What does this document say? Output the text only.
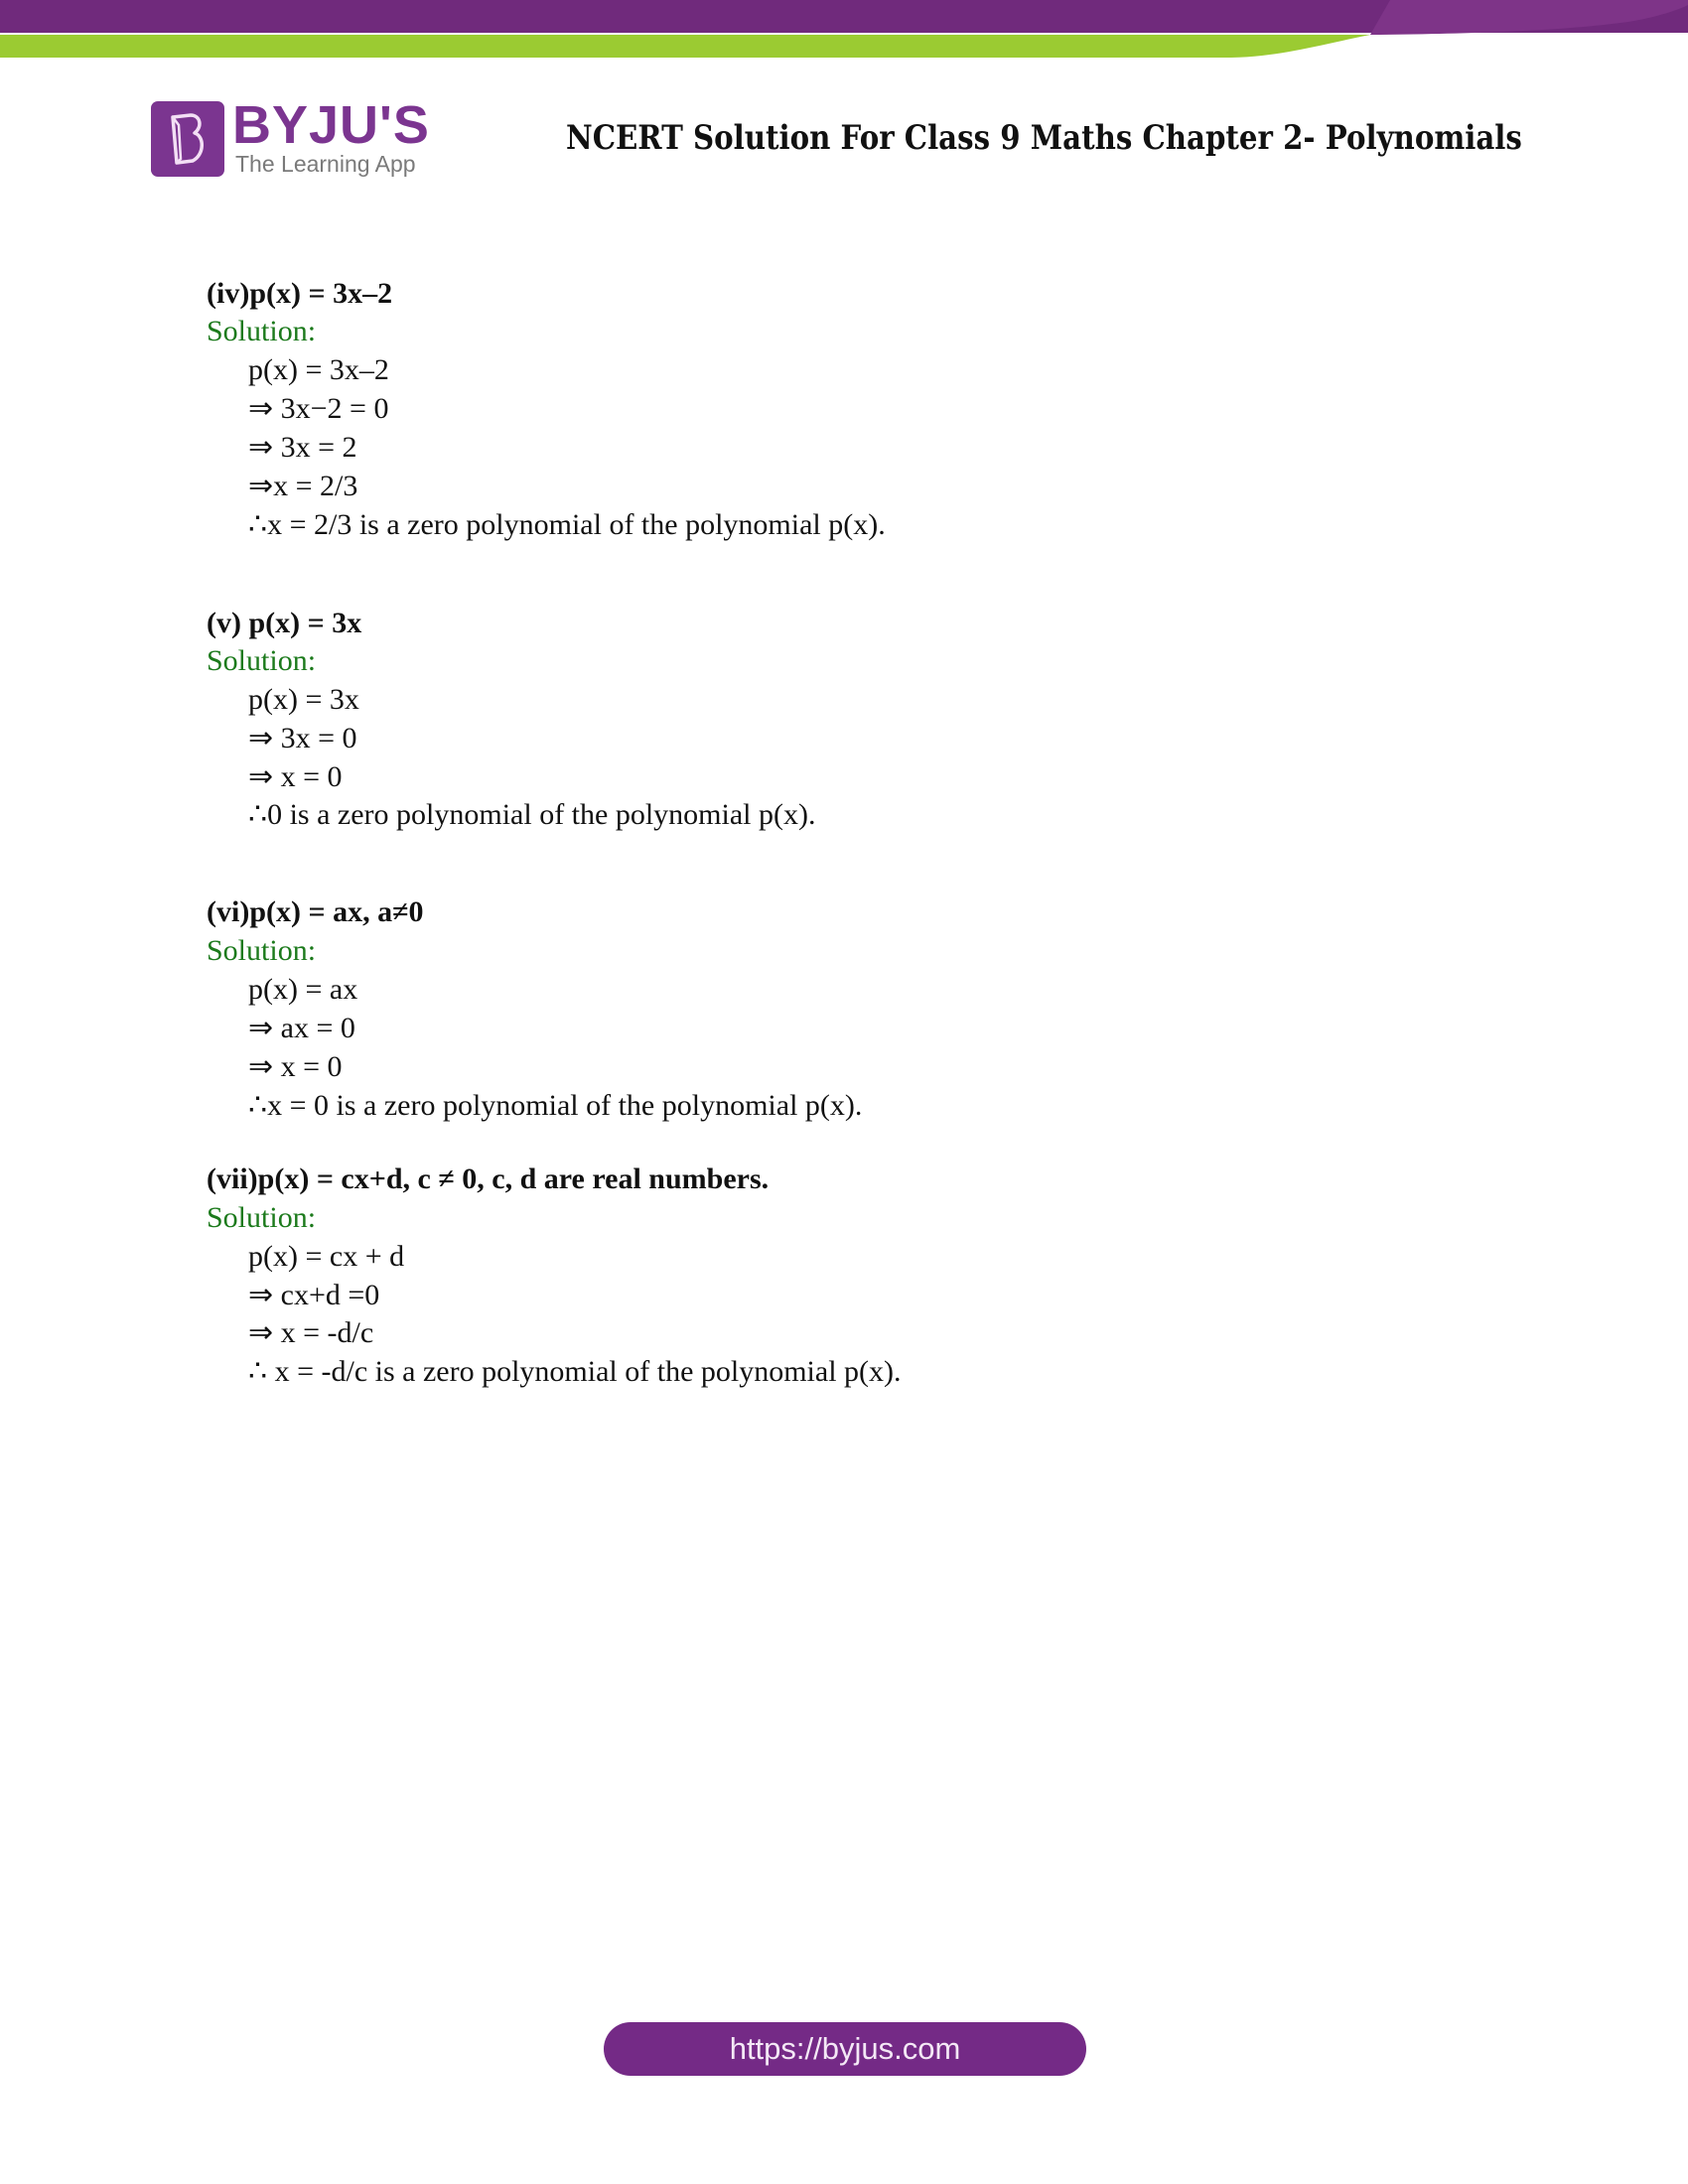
BYJU'S
The Learning App
NCERT Solution For Class 9 Maths Chapter 2- Polynomials
(iv)p(x) = 3x–2
Solution:
p(x) = 3x–2
⇒ 3x−2 = 0
⇒ 3x = 2
⇒x = 2/3
∴x = 2/3 is a zero polynomial of the polynomial p(x).
(v) p(x) = 3x
Solution:
p(x) = 3x
⇒ 3x = 0
⇒ x = 0
∴0 is a zero polynomial of the polynomial p(x).
(vi)p(x) = ax, a≠0
Solution:
p(x) = ax
⇒ ax = 0
⇒ x = 0
∴x = 0 is a zero polynomial of the polynomial p(x).
(vii)p(x) = cx+d, c ≠ 0, c, d are real numbers.
Solution:
p(x) = cx + d
⇒ cx+d =0
⇒ x = -d/c
∴ x = -d/c is a zero polynomial of the polynomial p(x).
https://byjus.com
